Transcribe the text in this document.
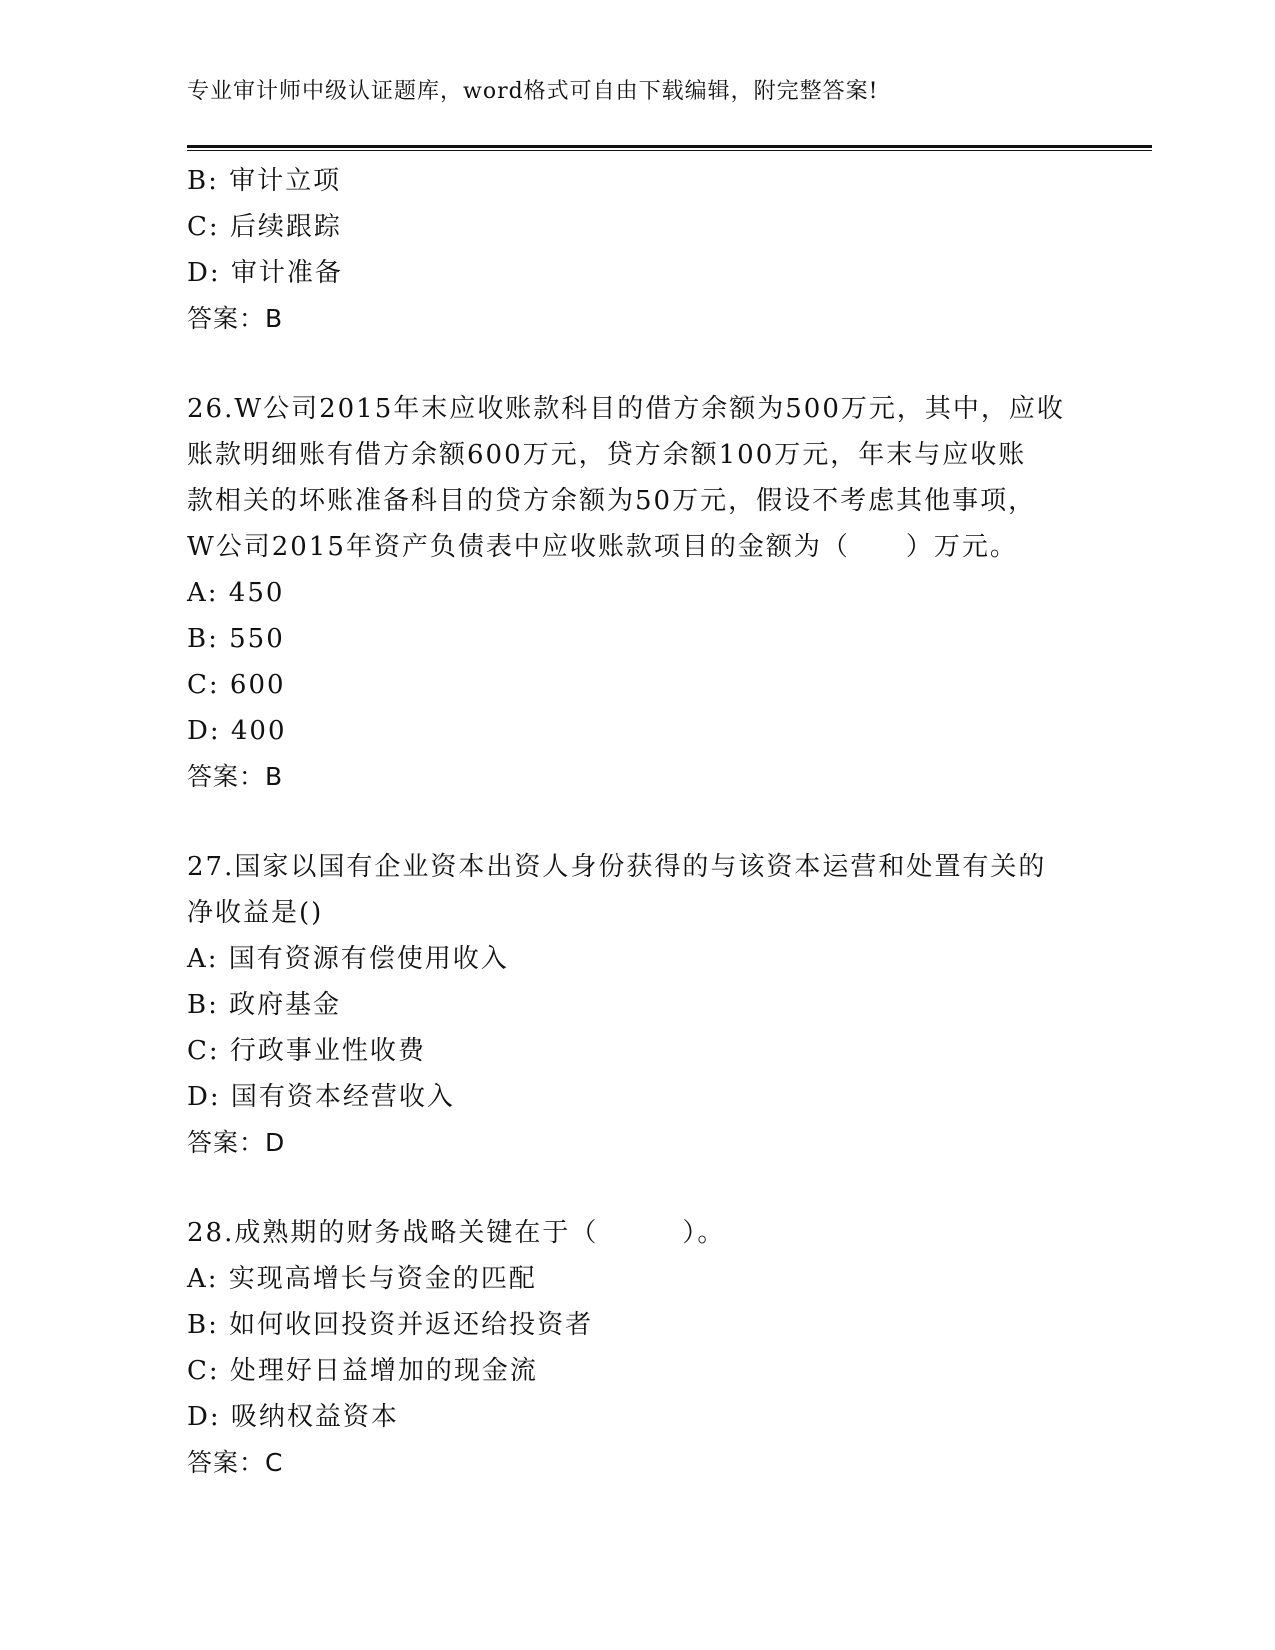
专业审计师中级认证题库，word格式可自由下载编辑，附完整答案!
B: 审计立项
C: 后续跟踪
D: 审计准备
答案：B
26.W公司2015年末应收账款科目的借方余额为500万元，其中，应收
账款明细账有借方余额600万元，贷方余额100万元，年末与应收账
款相关的坏账准备科目的贷方余额为50万元，假设不考虑其他事项，
W公司2015年资产负债表中应收账款项目的金额为（　　）万元。
A: 450
B: 550
C: 600
D: 400
答案：B
27.国家以国有企业资本出资人身份获得的与该资本运营和处置有关的
净收益是()
A: 国有资源有偿使用收入
B: 政府基金
C: 行政事业性收费
D: 国有资本经营收入
答案：D
28.成熟期的财务战略关键在于（　　　）。
A: 实现高增长与资金的匹配
B: 如何收回投资并返还给投资者
C: 处理好日益增加的现金流
D: 吸纳权益资本
答案：C
